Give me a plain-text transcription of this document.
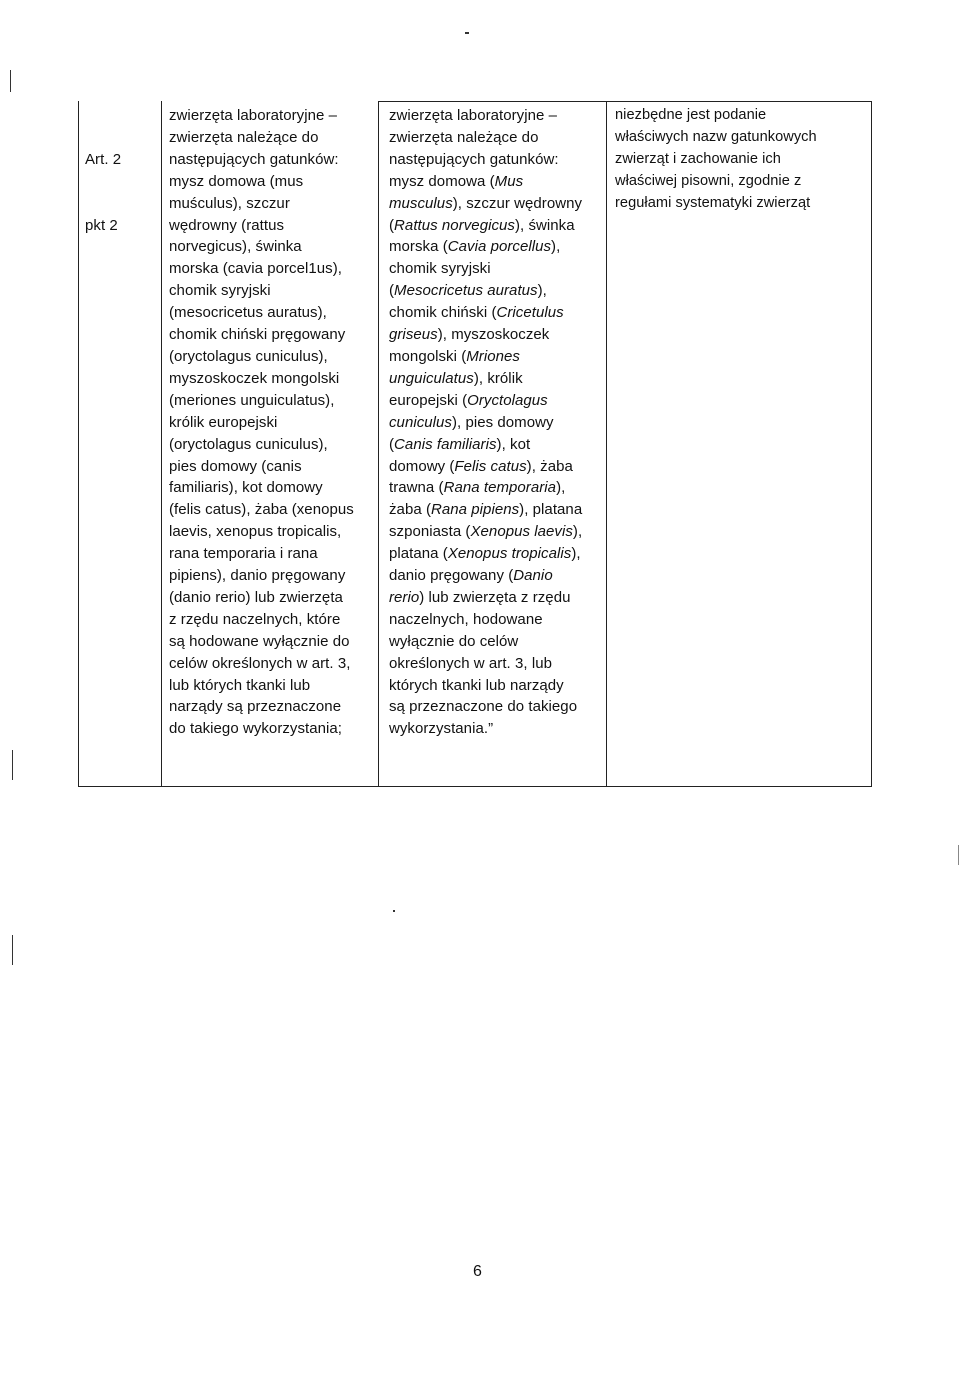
Art. 2

pkt 2

zwierzęta laboratoryjne –
zwierzęta należące do
następujących gatunków:
mysz domowa (mus
muśculus), szczur
wędrowny (rattus
norvegicus), świnka
morska (cavia porcel1us),
chomik syryjski
(mesocricetus auratus),
chomik chiński pręgowany
(oryctolagus cuniculus),
myszoskoczek mongolski
(meriones unguiculatus),
królik europejski
(oryctolagus cuniculus),
pies domowy (canis
familiaris), kot domowy
(felis catus), żaba (xenopus
laevis, xenopus tropicalis,
rana temporaria i rana
pipiens), danio pręgowany
(danio rerio) lub zwierzęta
z rzędu naczelnych, które
są hodowane wyłącznie do
celów określonych w art. 3,
lub których tkanki lub
narządy są przeznaczone
do takiego wykorzystania;
zwierzęta laboratoryjne –
zwierzęta należące do
następujących gatunków:
mysz domowa (Mus
musculus), szczur wędrowny
(Rattus norvegicus), świnka
morska (Cavia porcellus),
chomik syryjski
(Mesocricetus auratus),
chomik chiński (Cricetulus
griseus), myszoskoczek
mongolski (Mriones
unguiculatus), królik
europejski (Oryctolagus
cuniculus), pies domowy
(Canis familiaris), kot
domowy (Felis catus), żaba
trawna (Rana temporaria),
żaba (Rana pipiens), platana
szponiasta (Xenopus laevis),
platana (Xenopus tropicalis),
danio pręgowany (Danio
rerio) lub zwierzęta z rzędu
naczelnych, hodowane
wyłącznie do celów
określonych w art. 3, lub
których tkanki lub narządy
są przeznaczone do takiego
wykorzystania.”
niezbędne jest podanie
właściwych nazw gatunkowych
zwierząt i zachowanie ich
właściwej pisowni, zgodnie z
regułami systematyki zwierząt
6
